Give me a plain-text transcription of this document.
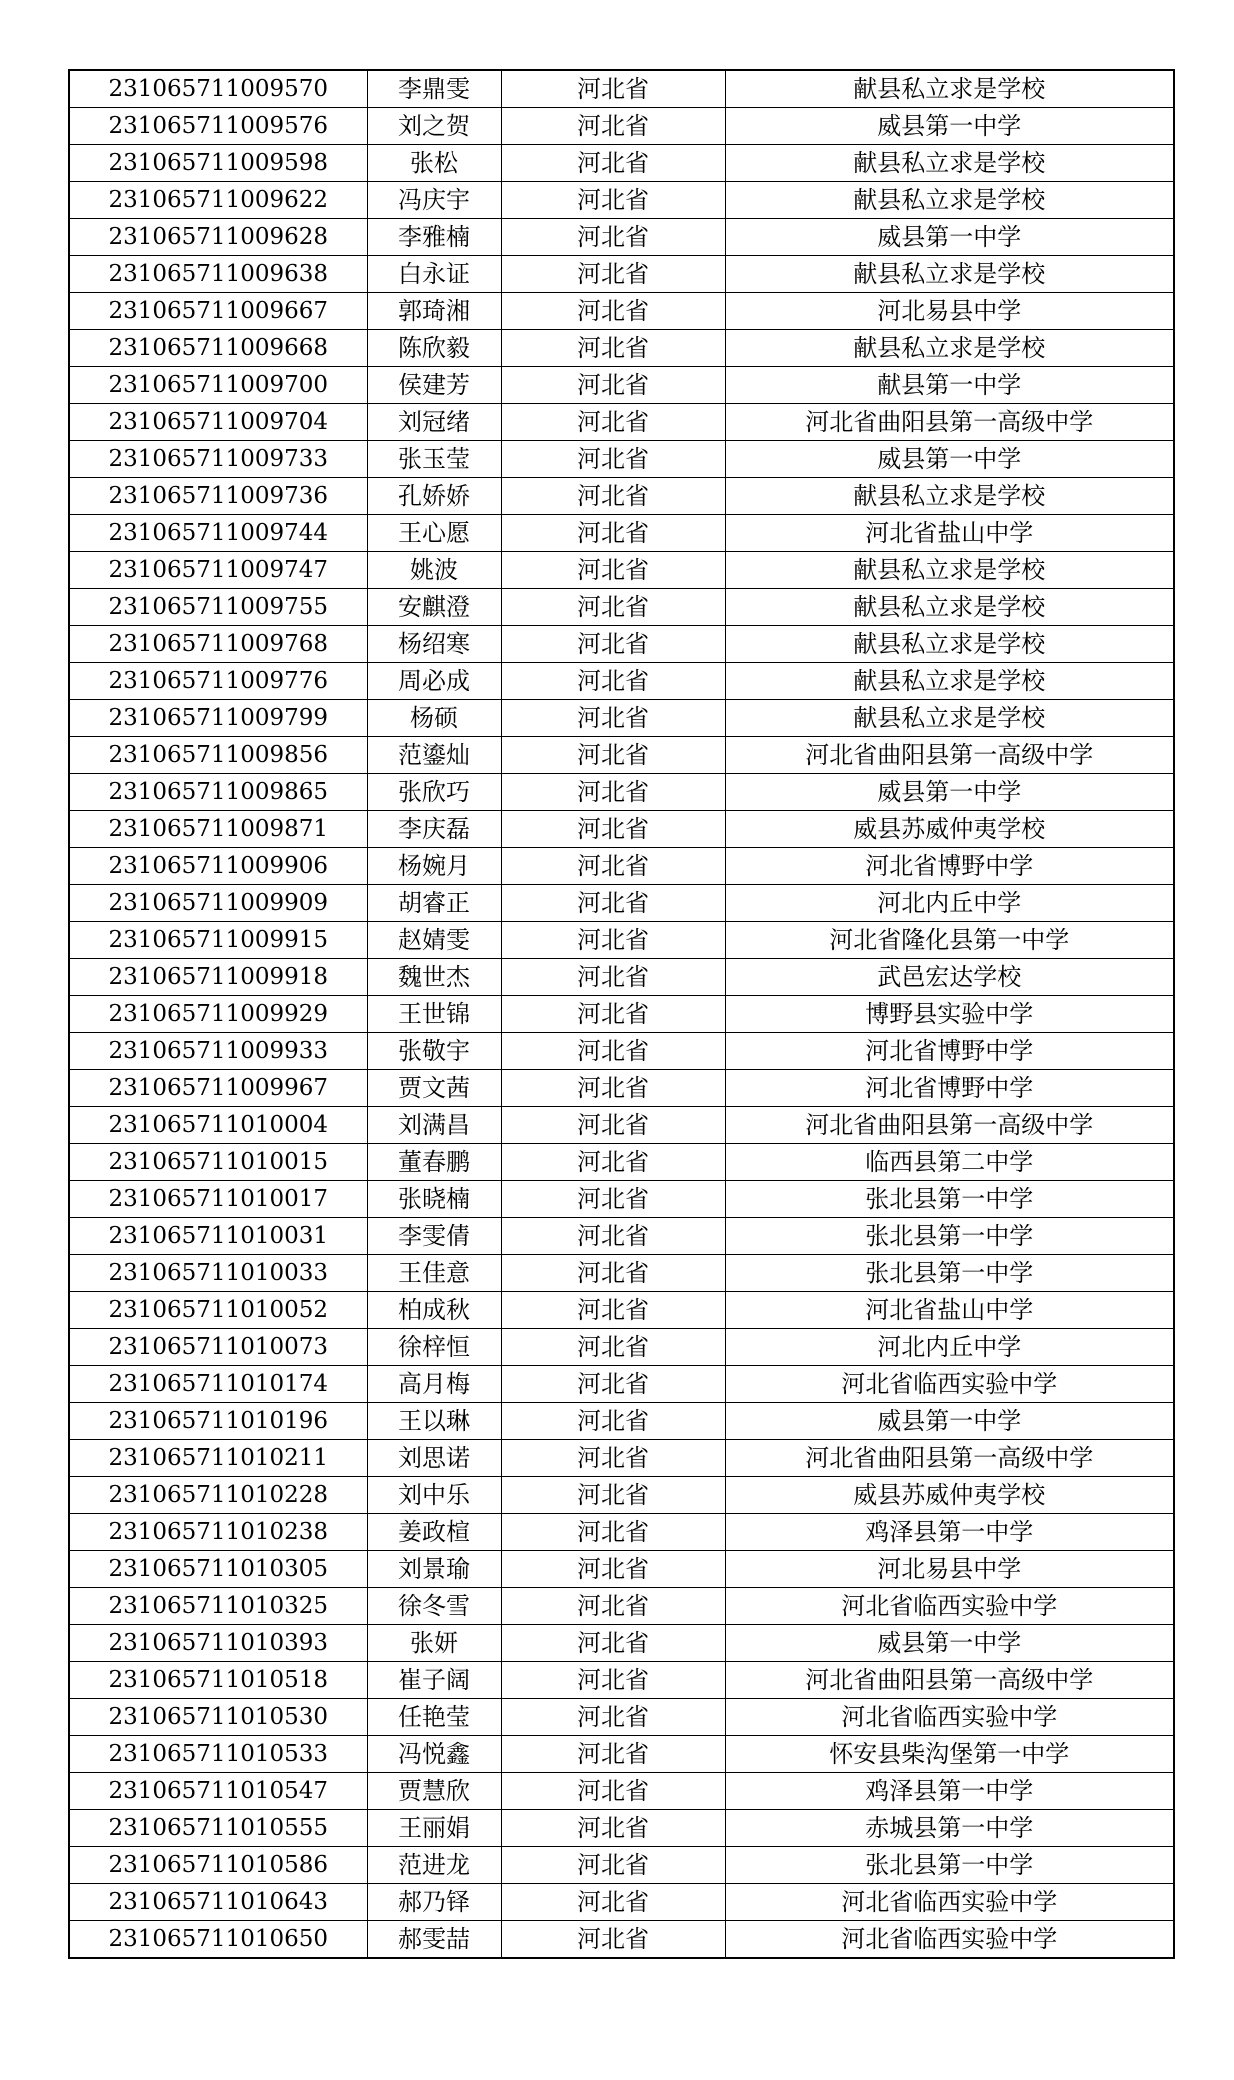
231065711009570	李鼎雯	河北省	献县私立求是学校
231065711009576	刘之贺	河北省	威县第一中学
231065711009598	张松	河北省	献县私立求是学校
231065711009622	冯庆宇	河北省	献县私立求是学校
231065711009628	李雅楠	河北省	威县第一中学
231065711009638	白永证	河北省	献县私立求是学校
231065711009667	郭琦湘	河北省	河北易县中学
231065711009668	陈欣毅	河北省	献县私立求是学校
231065711009700	侯建芳	河北省	献县第一中学
231065711009704	刘冠绪	河北省	河北省曲阳县第一高级中学
231065711009733	张玉莹	河北省	威县第一中学
231065711009736	孔娇娇	河北省	献县私立求是学校
231065711009744	王心愿	河北省	河北省盐山中学
231065711009747	姚波	河北省	献县私立求是学校
231065711009755	安麒澄	河北省	献县私立求是学校
231065711009768	杨绍寒	河北省	献县私立求是学校
231065711009776	周必成	河北省	献县私立求是学校
231065711009799	杨硕	河北省	献县私立求是学校
231065711009856	范鎏灿	河北省	河北省曲阳县第一高级中学
231065711009865	张欣巧	河北省	威县第一中学
231065711009871	李庆磊	河北省	威县苏威仲夷学校
231065711009906	杨婉月	河北省	河北省博野中学
231065711009909	胡睿正	河北省	河北内丘中学
231065711009915	赵婧雯	河北省	河北省隆化县第一中学
231065711009918	魏世杰	河北省	武邑宏达学校
231065711009929	王世锦	河北省	博野县实验中学
231065711009933	张敬宇	河北省	河北省博野中学
231065711009967	贾文茜	河北省	河北省博野中学
231065711010004	刘满昌	河北省	河北省曲阳县第一高级中学
231065711010015	董春鹏	河北省	临西县第二中学
231065711010017	张晓楠	河北省	张北县第一中学
231065711010031	李雯倩	河北省	张北县第一中学
231065711010033	王佳意	河北省	张北县第一中学
231065711010052	柏成秋	河北省	河北省盐山中学
231065711010073	徐梓恒	河北省	河北内丘中学
231065711010174	高月梅	河北省	河北省临西实验中学
231065711010196	王以琳	河北省	威县第一中学
231065711010211	刘思诺	河北省	河北省曲阳县第一高级中学
231065711010228	刘中乐	河北省	威县苏威仲夷学校
231065711010238	姜政楦	河北省	鸡泽县第一中学
231065711010305	刘景瑜	河北省	河北易县中学
231065711010325	徐冬雪	河北省	河北省临西实验中学
231065711010393	张妍	河北省	威县第一中学
231065711010518	崔子阔	河北省	河北省曲阳县第一高级中学
231065711010530	任艳莹	河北省	河北省临西实验中学
231065711010533	冯悦鑫	河北省	怀安县柴沟堡第一中学
231065711010547	贾慧欣	河北省	鸡泽县第一中学
231065711010555	王丽娟	河北省	赤城县第一中学
231065711010586	范进龙	河北省	张北县第一中学
231065711010643	郝乃铎	河北省	河北省临西实验中学
231065711010650	郝雯喆	河北省	河北省临西实验中学
